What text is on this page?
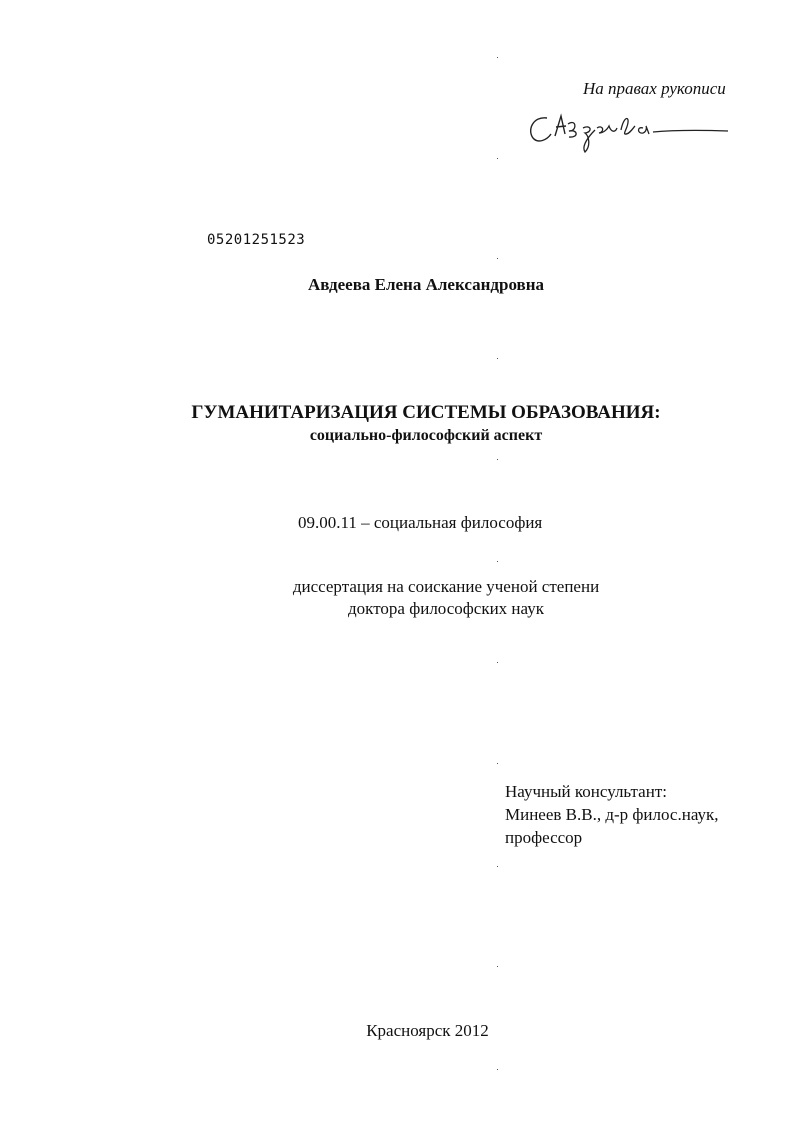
На правах рукописи
05201251523
Авдеева Елена Александровна
ГУМАНИТАРИЗАЦИЯ СИСТЕМЫ ОБРАЗОВАНИЯ:
социально-философский аспект
09.00.11 – социальная философия
диссертация на соискание ученой степени
доктора философских наук
Научный консультант:
Минеев В.В., д-р филос.наук,
профессор
Красноярск 2012
